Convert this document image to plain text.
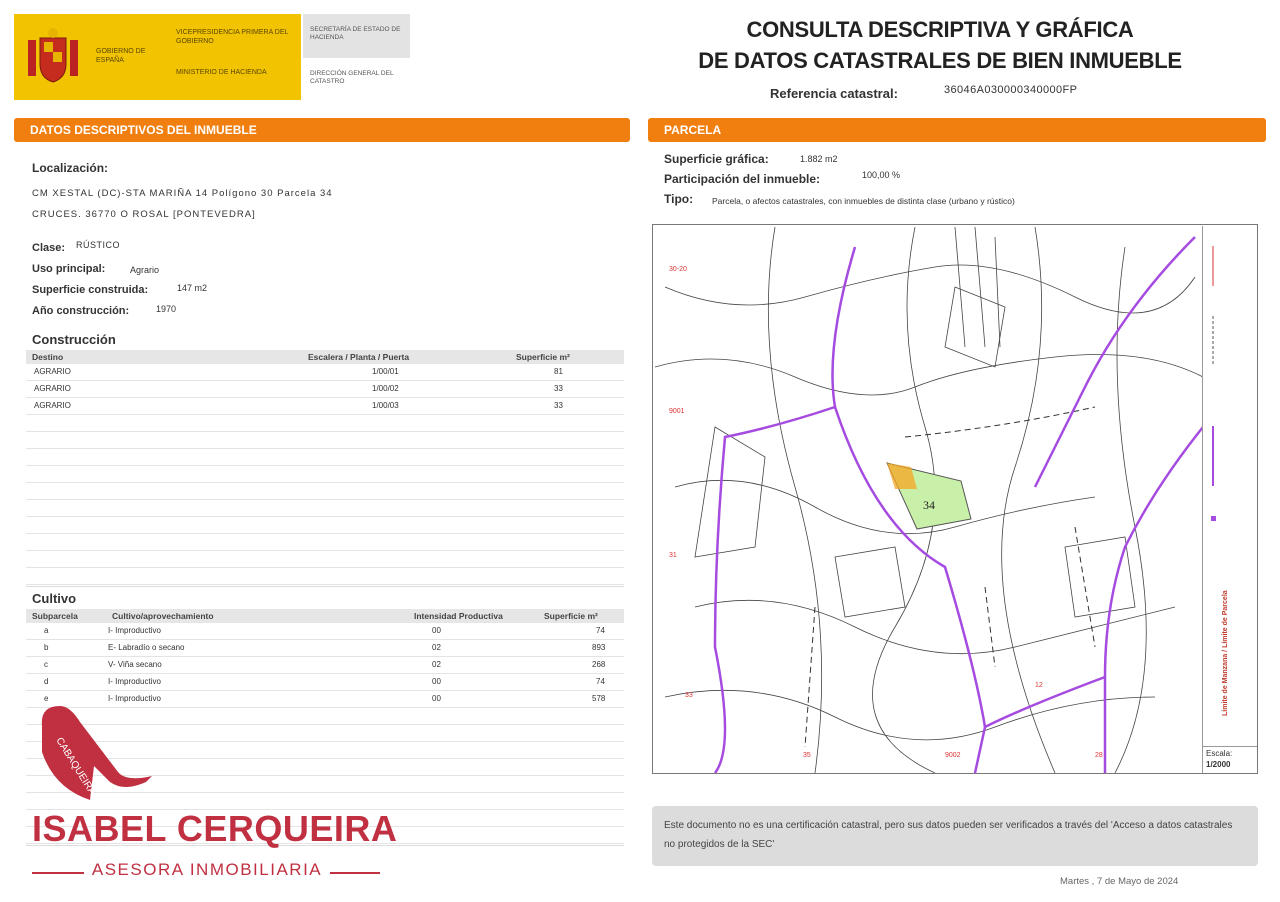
GOBIERNO DE ESPAÑA
VICEPRESIDENCIA PRIMERA DEL GOBIERNO
MINISTERIO DE HACIENDA
SECRETARÍA DE ESTADO DE HACIENDA
DIRECCIÓN GENERAL DEL CATASTRO
CONSULTA DESCRIPTIVA Y GRÁFICA
DE DATOS CATASTRALES DE BIEN INMUEBLE
Referencia catastral:	36046A030000340000FP
DATOS DESCRIPTIVOS DEL INMUEBLE
Localización:
CM XESTAL (DC)-STA MARIÑA 14 Polígono 30 Parcela 34
CRUCES. 36770 O ROSAL [PONTEVEDRA]
Clase: RÚSTICO
Uso principal:	Agrario
Superficie construida:	147 m2
Año construcción:	1970
Construcción
Destino	Escalera / Planta / Puerta	Superficie m²
AGRARIO	1/00/01	81
AGRARIO	1/00/02	33
AGRARIO	1/00/03	33
Cultivo
Subparcela	Cultivo/aprovechamiento	Intensidad Productiva	Superficie m²
a	I- Improductivo	00	74
b	E- Labradío o secano	02	893
c	V- Viña secano	02	268
d	I- Improductivo	00	74
e	I- Improductivo	00	578
CABAQUEIRA
ISABEL CERQUEIRA
ASESORA INMOBILIARIA
PARCELA
Superficie gráfica:	1.882 m2
Participación del inmueble:	100,00 %
Tipo: Parcela, o afectos catastrales, con inmuebles de distinta clase (urbano y rústico)
34
30-20
9001
31
33
35	9002	28
12	Límite de Manzana / Límite de Parcela
Escala:
1/2000
Este documento no es una certificación catastral, pero sus datos pueden ser verificados a través del 'Acceso a datos catastrales no protegidos de la SEC'
Martes , 7 de Mayo de 2024
